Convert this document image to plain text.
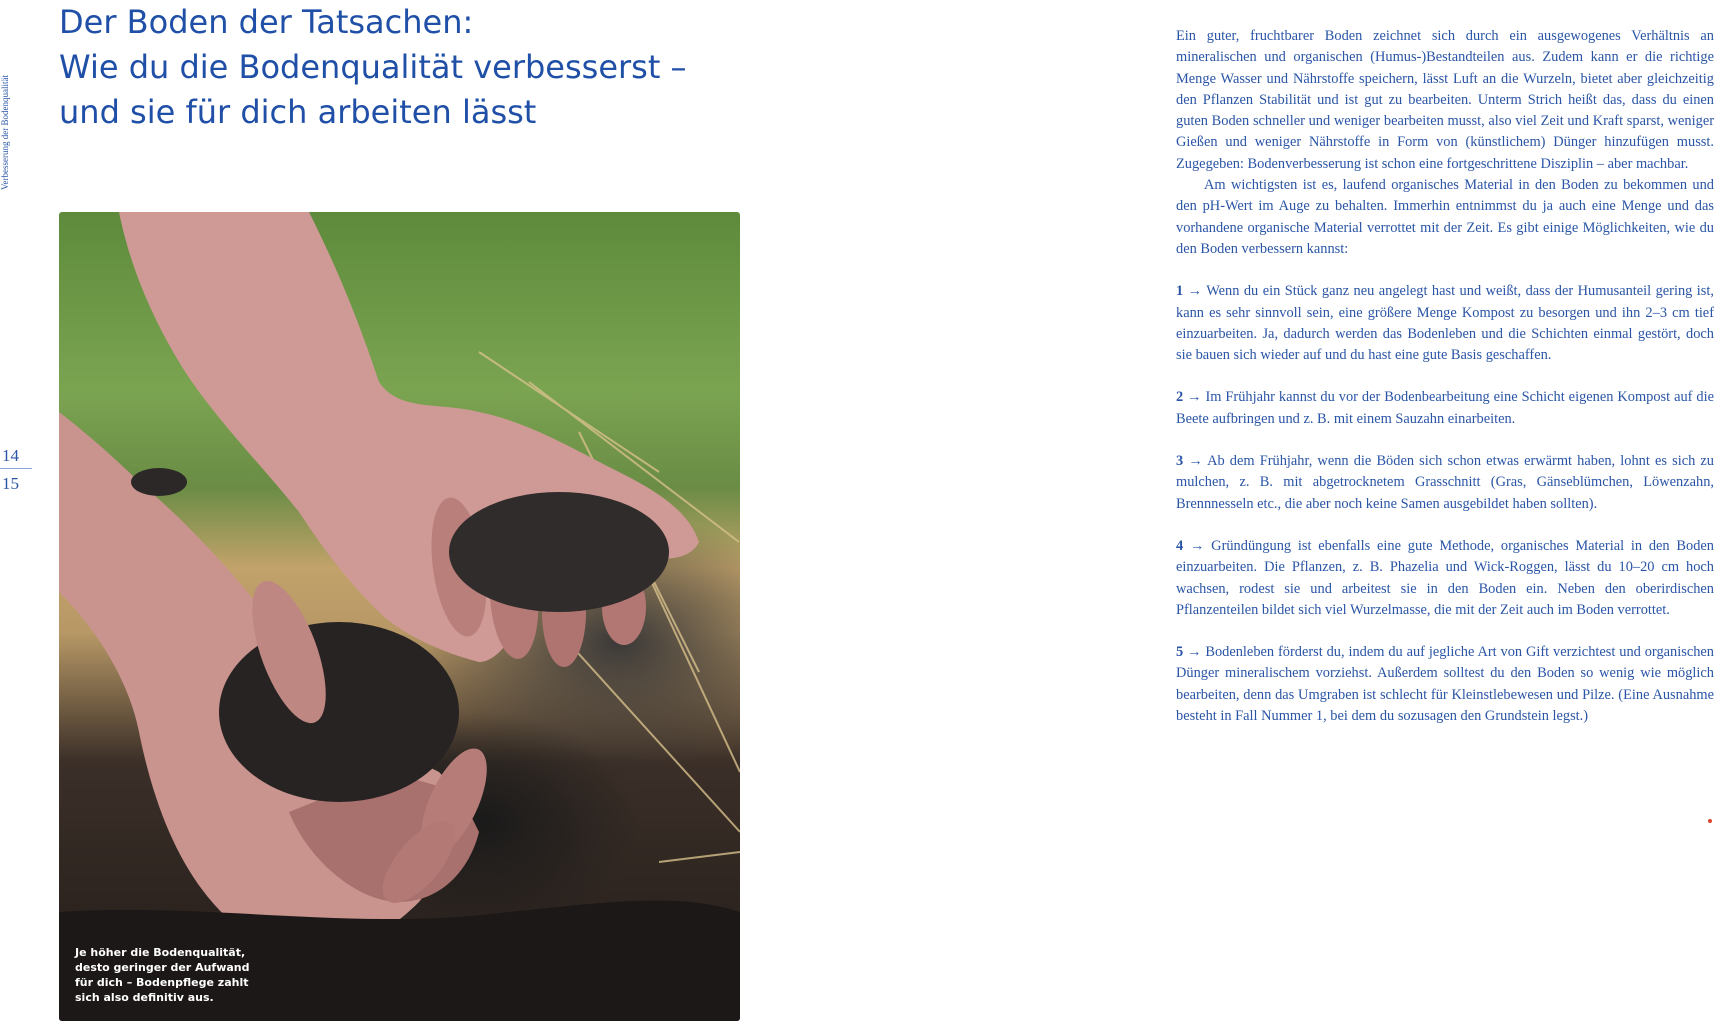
Verbesserung der Bodenqualität
14
15
Der Boden der Tatsachen:
Wie du die Bodenqualität verbesserst –
und sie für dich arbeiten lässt
Je höher die Bodenqualität,
desto geringer der Aufwand
für dich – Bodenpflege zahlt
sich also definitiv aus.

Ein guter, fruchtbarer Boden zeichnet sich durch ein ausgewogenes Verhältnis an mineralischen und organischen (Humus-)Bestandteilen aus. Zudem kann er die richtige Menge Wasser und Nährstoffe speichern, lässt Luft an die Wurzeln, bietet aber gleichzeitig den Pflanzen Stabilität und ist gut zu bearbeiten. Unterm Strich heißt das, dass du einen guten Boden schneller und weniger bearbeiten musst, also viel Zeit und Kraft sparst, weniger Gießen und weniger Nährstoffe in Form von (künstlichem) Dünger hinzufügen musst. Zugegeben: Bodenverbesserung ist schon eine fortgeschrittene Disziplin – aber machbar.

Am wichtigsten ist es, laufend organisches Material in den Boden zu bekommen und den pH-Wert im Auge zu behalten. Immerhin entnimmst du ja auch eine Menge und das vorhandene organische Material verrottet mit der Zeit. Es gibt einige Möglichkeiten, wie du den Boden verbessern kannst:

1 → Wenn du ein Stück ganz neu angelegt hast und weißt, dass der Humusanteil gering ist, kann es sehr sinnvoll sein, eine größere Menge Kompost zu besorgen und ihn 2–3 cm tief einzuarbeiten. Ja, dadurch werden das Bodenleben und die Schichten einmal gestört, doch sie bauen sich wieder auf und du hast eine gute Basis geschaffen.

2 → Im Frühjahr kannst du vor der Bodenbearbeitung eine Schicht eigenen Kompost auf die Beete aufbringen und z. B. mit einem Sauzahn einarbeiten.

3 → Ab dem Frühjahr, wenn die Böden sich schon etwas erwärmt haben, lohnt es sich zu mulchen, z. B. mit abgetrocknetem Grasschnitt (Gras, Gänseblümchen, Löwenzahn, Brennnesseln etc., die aber noch keine Samen ausgebildet haben sollten).

4 → Gründüngung ist ebenfalls eine gute Methode, organisches Material in den Boden einzuarbeiten. Die Pflanzen, z. B. Phazelia und Wick-Roggen, lässt du 10–20 cm hoch wachsen, rodest sie und arbeitest sie in den Boden ein. Neben den oberirdischen Pflanzenteilen bildet sich viel Wurzelmasse, die mit der Zeit auch im Boden verrottet.

5 → Bodenleben förderst du, indem du auf jegliche Art von Gift verzichtest und organischen Dünger mineralischem vorziehst. Außerdem solltest du den Boden so wenig wie möglich bearbeiten, denn das Umgraben ist schlecht für Kleinstlebewesen und Pilze. (Eine Ausnahme besteht in Fall Nummer 1, bei dem du sozusagen den Grundstein legst.)
